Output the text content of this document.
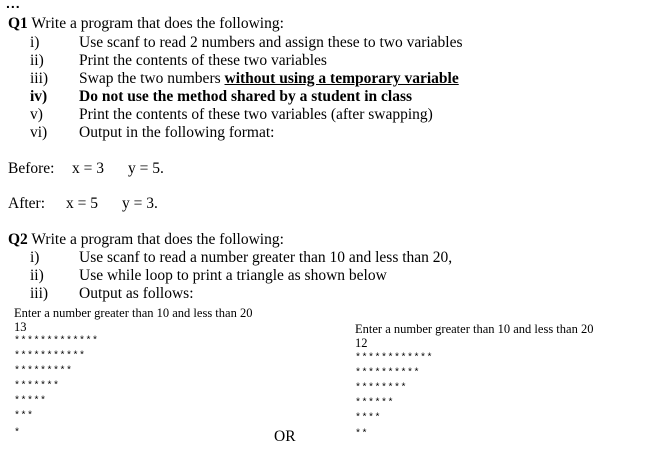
...
Q1 Write a program that does the following:
i)	Use scanf to read 2 numbers and assign these to two variables
ii) Print the contents of these two variables
iii) Swap the two numbers without using a temporary variable
iv) Do not use the method shared by a student in class
v) Print the contents of these two variables (after swapping)
vi) Output in the following format:
Before: x = 3 y = 5.
After: x = 5 y = 3.
Q2 Write a program that does the following:
i)	Use scanf to read a number greater than 10 and less than 20,
ii) Use while loop to print a triangle as shown below
iii) Output as follows:
Enter a number greater than 10 and less than 20
13
*************
***********
*********
*******
*****
***
*	OR
Enter a number greater than 10 and less than 20
12
************
**********
********
******
****
**
